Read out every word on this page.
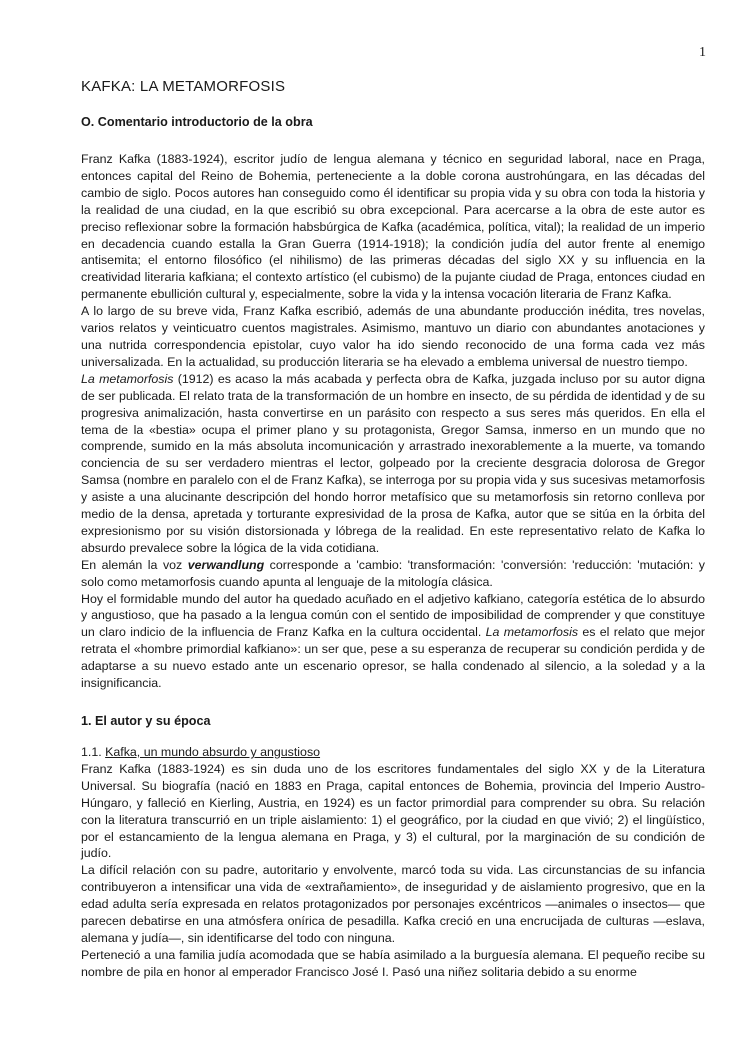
1
KAFKA: LA METAMORFOSIS
O. Comentario introductorio de la obra

Franz Kafka (1883-1924), escritor judío de lengua alemana y técnico en seguridad laboral, nace en Praga, entonces capital del Reino de Bohemia, perteneciente a la doble corona austrohúngara, en las décadas del cambio de siglo. Pocos autores han conseguido como él identificar su propia vida y su obra con toda la historia y la realidad de una ciudad, en la que escribió su obra excepcional. Para acercarse a la obra de este autor es preciso reflexionar sobre la formación habsbúrgica de Kafka (académica, política, vital); la realidad de un imperio en decadencia cuando estalla la Gran Guerra (1914-1918); la condición judía del autor frente al enemigo antisemita; el entorno filosófico (el nihilismo) de las primeras décadas del siglo XX y su influencia en la creatividad literaria kafkiana; el contexto artístico (el cubismo) de la pujante ciudad de Praga, entonces ciudad en permanente ebullición cultural y, especialmente, sobre la vida y la intensa vocación literaria de Franz Kafka.

A lo largo de su breve vida, Franz Kafka escribió, además de una abundante producción inédita, tres novelas, varios relatos y veinticuatro cuentos magistrales. Asimismo, mantuvo un diario con abundantes anotaciones y una nutrida correspondencia epistolar, cuyo valor ha ido siendo reconocido de una forma cada vez más universalizada. En la actualidad, su producción literaria se ha elevado a emblema universal de nuestro tiempo.

La metamorfosis (1912) es acaso la más acabada y perfecta obra de Kafka, juzgada incluso por su autor digna de ser publicada. El relato trata de la transformación de un hombre en insecto, de su pérdida de identidad y de su progresiva animalización, hasta convertirse en un parásito con respecto a sus seres más queridos. En ella el tema de la «bestia» ocupa el primer plano y su protagonista, Gregor Samsa, inmerso en un mundo que no comprende, sumido en la más absoluta incomunicación y arrastrado inexorablemente a la muerte, va tomando conciencia de su ser verdadero mientras el lector, golpeado por la creciente desgracia dolorosa de Gregor Samsa (nombre en paralelo con el de Franz Kafka), se interroga por su propia vida y sus sucesivas metamorfosis y asiste a una alucinante descripción del hondo horror metafísico que su metamorfosis sin retorno conlleva por medio de la densa, apretada y torturante expresividad de la prosa de Kafka, autor que se sitúa en la órbita del expresionismo por su visión distorsionada y lóbrega de la realidad. En este representativo relato de Kafka lo absurdo prevalece sobre la lógica de la vida cotidiana.

En alemán la voz verwandlung corresponde a 'cambio: 'transformación: 'conversión: 'reducción: 'mutación: y solo como metamorfosis cuando apunta al lenguaje de la mitología clásica.

Hoy el formidable mundo del autor ha quedado acuñado en el adjetivo kafkiano, categoría estética de lo absurdo y angustioso, que ha pasado a la lengua común con el sentido de imposibilidad de comprender y que constituye un claro indicio de la influencia de Franz Kafka en la cultura occidental. La metamorfosis es el relato que mejor retrata el «hombre primordial kafkiano»: un ser que, pese a su esperanza de recuperar su condición perdida y de adaptarse a su nuevo estado ante un escenario opresor, se halla condenado al silencio, a la soledad y a la insignificancia.

1. El autor y su época
1.1. Kafka, un mundo absurdo y angustioso

Franz Kafka (1883-1924) es sin duda uno de los escritores fundamentales del siglo XX y de la Literatura Universal. Su biografía (nació en 1883 en Praga, capital entonces de Bohemia, provincia del Imperio Austro-Húngaro, y falleció en Kierling, Austria, en 1924) es un factor primordial para comprender su obra. Su relación con la literatura transcurrió en un triple aislamiento: 1) el geográfico, por la ciudad en que vivió; 2) el lingüístico, por el estancamiento de la lengua alemana en Praga, y 3) el cultural, por la marginación de su condición de judío.

La difícil relación con su padre, autoritario y envolvente, marcó toda su vida. Las circunstancias de su infancia contribuyeron a intensificar una vida de «extrañamiento», de inseguridad y de aislamiento progresivo, que en la edad adulta sería expresada en relatos protagonizados por personajes excéntricos —animales o insectos— que parecen debatirse en una atmósfera onírica de pesadilla. Kafka creció en una encrucijada de culturas —eslava, alemana y judía—, sin identificarse del todo con ninguna.

Perteneció a una familia judía acomodada que se había asimilado a la burguesía alemana. El pequeño recibe su nombre de pila en honor al emperador Francisco José I. Pasó una niñez solitaria debido a su enorme
